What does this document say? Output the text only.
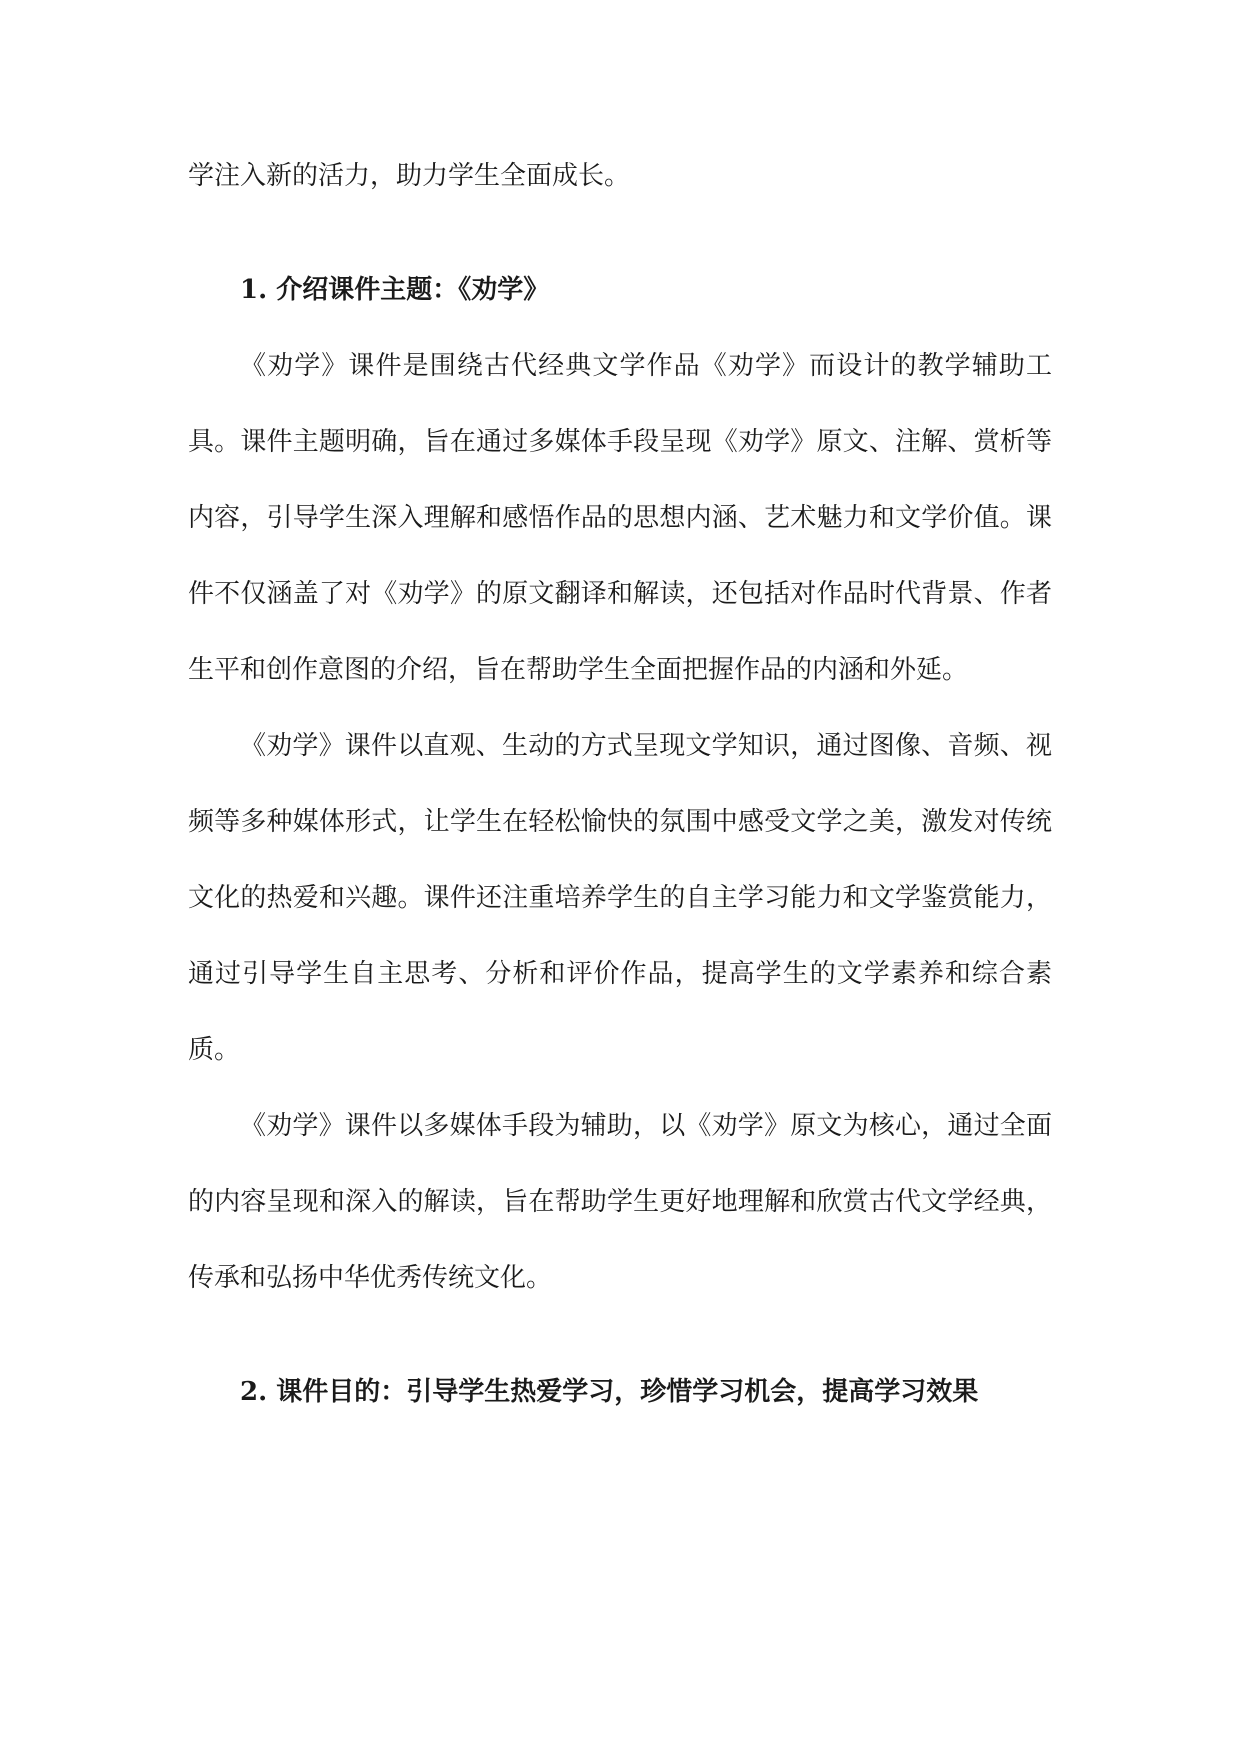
学注入新的活力，助力学生全面成长。

1. 介绍课件主题：《劝学》

《劝学》课件是围绕古代经典文学作品《劝学》而设计的教学辅助工具。课件主题明确，旨在通过多媒体手段呈现《劝学》原文、注解、赏析等内容，引导学生深入理解和感悟作品的思想内涵、艺术魅力和文学价值。课件不仅涵盖了对《劝学》的原文翻译和解读，还包括对作品时代背景、作者生平和创作意图的介绍，旨在帮助学生全面把握作品的内涵和外延。

《劝学》课件以直观、生动的方式呈现文学知识，通过图像、音频、视频等多种媒体形式，让学生在轻松愉快的氛围中感受文学之美，激发对传统文化的热爱和兴趣。课件还注重培养学生的自主学习能力和文学鉴赏能力，通过引导学生自主思考、分析和评价作品，提高学生的文学素养和综合素质。

《劝学》课件以多媒体手段为辅助，以《劝学》原文为核心，通过全面的内容呈现和深入的解读，旨在帮助学生更好地理解和欣赏古代文学经典，传承和弘扬中华优秀传统文化。

2. 课件目的：引导学生热爱学习，珍惜学习机会，提高学习效果
